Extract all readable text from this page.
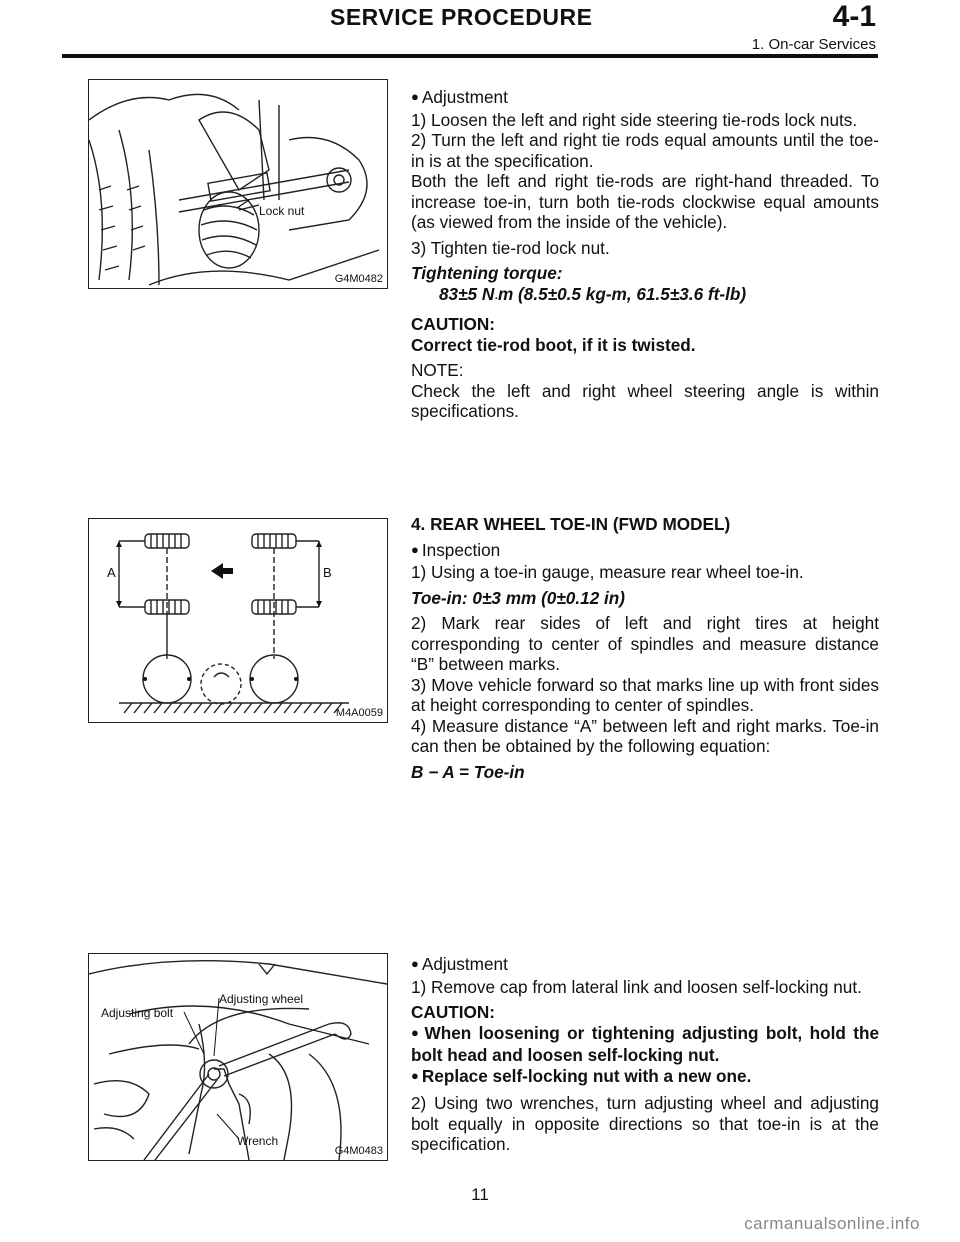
SERVICE PROCEDURE	4-1
1. On-car Services
Lock nut
G4M0482

● Adjustment

1) Loosen the left and right side steering tie-rods lock nuts.

2) Turn the left and right tie rods equal amounts until the toe-in is at the specification.

Both the left and right tie-rods are right-hand threaded. To increase toe-in, turn both tie-rods clockwise equal amounts (as viewed from the inside of the vehicle).

3) Tighten tie-rod lock nut.

Tightening torque:

83±5 N·m (8.5±0.5 kg-m, 61.5±3.6 ft-lb)

CAUTION:

Correct tie-rod boot, if it is twisted.

NOTE:

Check the left and right wheel steering angle is within specifications.

A	B
M4A0059

4. REAR WHEEL TOE-IN (FWD MODEL)

● Inspection

1) Using a toe-in gauge, measure rear wheel toe-in.

Toe-in: 0±3 mm (0±0.12 in)

2) Mark rear sides of left and right tires at height corresponding to center of spindles and measure distance “B” between marks.

3) Move vehicle forward so that marks line up with front sides at height corresponding to center of spindles.

4) Measure distance “A” between left and right marks. Toe-in can then be obtained by the following equation:

B − A = Toe-in

Adjusting bolt
Adjusting wheel
Wrench
G4M0483

● Adjustment

1) Remove cap from lateral link and loosen self-locking nut.

CAUTION:

● When loosening or tightening adjusting bolt, hold the bolt head and loosen self-locking nut.

● Replace self-locking nut with a new one.

2) Using two wrenches, turn adjusting wheel and adjusting bolt equally in opposite directions so that toe-in is at the specification.

11
carmanualsonline.info
